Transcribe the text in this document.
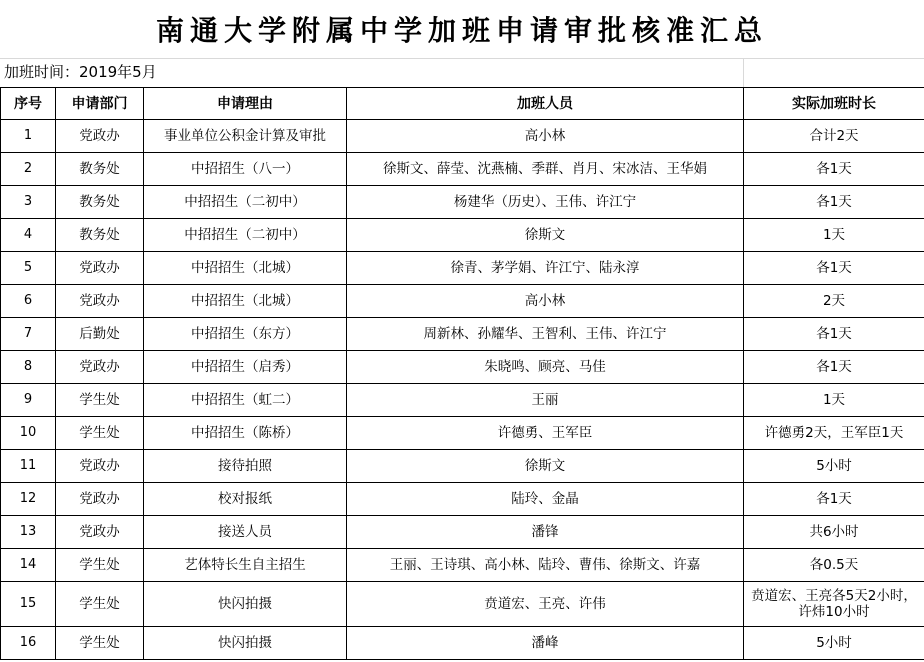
南通大学附属中学加班申请审批核准汇总
加班时间：2019年5月
序号	申请部门	申请理由	加班人员	实际加班时长
1	党政办	事业单位公积金计算及审批	高小林	合计2天
2	教务处	中招招生（八一）	徐斯文、薛莹、沈燕楠、季群、肖月、宋冰洁、王华娟	各1天
3	教务处	中招招生（二初中）	杨建华（历史）、王伟、许江宁	各1天
4	教务处	中招招生（二初中）	徐斯文	1天
5	党政办	中招招生（北城）	徐青、茅学娟、许江宁、陆永淳	各1天
6	党政办	中招招生（北城）	高小林	2天
7	后勤处	中招招生（东方）	周新林、孙耀华、王智利、王伟、许江宁	各1天
8	党政办	中招招生（启秀）	朱晓鸣、顾亮、马佳	各1天
9	学生处	中招招生（虹二）	王丽	1天
10	学生处	中招招生（陈桥）	许德勇、王军臣	许德勇2天，王军臣1天
11	党政办	接待拍照	徐斯文	5小时
12	党政办	校对报纸	陆玲、金晶	各1天
13	党政办	接送人员	潘锋	共6小时
14	学生处	艺体特长生自主招生	王丽、王诗琪、高小林、陆玲、曹伟、徐斯文、许嘉	各0.5天
15	学生处	快闪拍摄	贲道宏、王亮、许伟	贲道宏、王亮各5天2小时，许炜10小时
16	学生处	快闪拍摄	潘峰	5小时
